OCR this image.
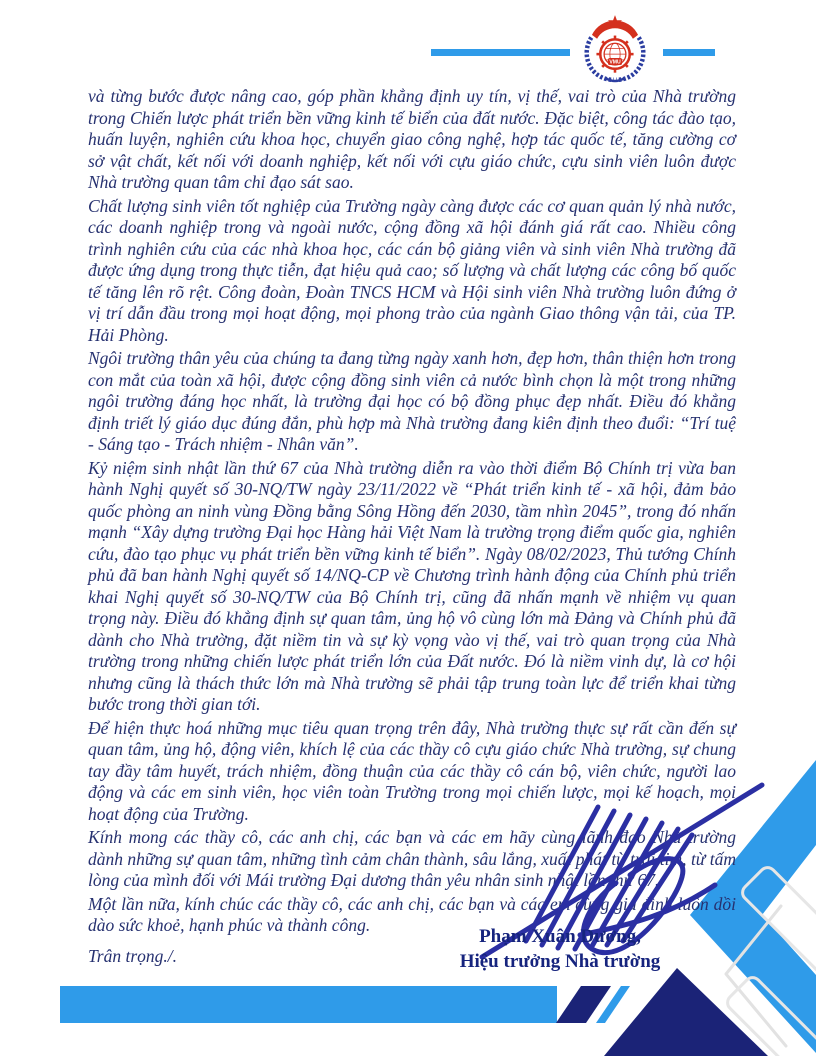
VMU

và từng bước được nâng cao, góp phần khẳng định uy tín, vị thế, vai trò của Nhà trường trong Chiến lược phát triển bền vững kinh tế biển của đất nước. Đặc biệt, công tác đào tạo, huấn luyện, nghiên cứu khoa học, chuyển giao công nghệ, hợp tác quốc tế, tăng cường cơ sở vật chất, kết nối với doanh nghiệp, kết nối với cựu giáo chức, cựu sinh viên luôn được Nhà trường quan tâm chỉ đạo sát sao.

Chất lượng sinh viên tốt nghiệp của Trường ngày càng được các cơ quan quản lý nhà nước, các doanh nghiệp trong và ngoài nước, cộng đồng xã hội đánh giá rất cao. Nhiều công trình nghiên cứu của các nhà khoa học, các cán bộ giảng viên và sinh viên Nhà trường đã được ứng dụng trong thực tiễn, đạt hiệu quả cao; số lượng và chất lượng các công bố quốc tế tăng lên rõ rệt. Công đoàn, Đoàn TNCS HCM và Hội sinh viên Nhà trường luôn đứng ở vị trí dẫn đầu trong mọi hoạt động, mọi phong trào của ngành Giao thông vận tải, của TP. Hải Phòng.

Ngôi trường thân yêu của chúng ta đang từng ngày xanh hơn, đẹp hơn, thân thiện hơn trong con mắt của toàn xã hội, được cộng đồng sinh viên cả nước bình chọn là một trong những ngôi trường đáng học nhất, là trường đại học có bộ đồng phục đẹp nhất. Điều đó khẳng định triết lý giáo dục đúng đắn, phù hợp mà Nhà trường đang kiên định theo đuổi: “Trí tuệ - Sáng tạo - Trách nhiệm - Nhân văn”.

Kỷ niệm sinh nhật lần thứ 67 của Nhà trường diễn ra vào thời điểm Bộ Chính trị vừa ban hành Nghị quyết số 30-NQ/TW ngày 23/11/2022 về “Phát triển kinh tế - xã hội, đảm bảo quốc phòng an ninh vùng Đồng bằng Sông Hồng đến 2030, tầm nhìn 2045”, trong đó nhấn mạnh “Xây dựng trường Đại học Hàng hải Việt Nam là trường trọng điểm quốc gia, nghiên cứu, đào tạo phục vụ phát triển bền vững kinh tế biển”. Ngày 08/02/2023, Thủ tướng Chính phủ đã ban hành Nghị quyết số 14/NQ-CP về Chương trình hành động của Chính phủ triển khai Nghị quyết số 30-NQ/TW của Bộ Chính trị, cũng đã nhấn mạnh về nhiệm vụ quan trọng này. Điều đó khẳng định sự quan tâm, ủng hộ vô cùng lớn mà Đảng và Chính phủ đã dành cho Nhà trường, đặt niềm tin và sự kỳ vọng vào vị thế, vai trò quan trọng của Nhà trường trong những chiến lược phát triển lớn của Đất nước. Đó là niềm vinh dự, là cơ hội nhưng cũng là thách thức lớn mà Nhà trường sẽ phải tập trung toàn lực để triển khai từng bước trong thời gian tới.

Để hiện thực hoá những mục tiêu quan trọng trên đây, Nhà trường thực sự rất cần đến sự quan tâm, ủng hộ, động viên, khích lệ của các thầy cô cựu giáo chức Nhà trường, sự chung tay đầy tâm huyết, trách nhiệm, đồng thuận của các thầy cô cán bộ, viên chức, người lao động và các em sinh viên, học viên toàn Trường trong mọi chiến lược, mọi kế hoạch, mọi hoạt động của Trường.

Kính mong các thầy cô, các anh chị, các bạn và các em hãy cùng lãnh đạo Nhà trường dành những sự quan tâm, những tình cảm chân thành, sâu lắng, xuất phát từ trái tim, từ tấm lòng của mình đối với Mái trường Đại dương thân yêu nhân sinh nhật lần thứ 67.

Một lần nữa, kính chúc các thầy cô, các anh chị, các bạn và các em cùng gia đình luôn dồi dào sức khoẻ, hạnh phúc và thành công.

Trân trọng./.

Phạm Xuân Dương,
Hiệu trưởng Nhà trường
